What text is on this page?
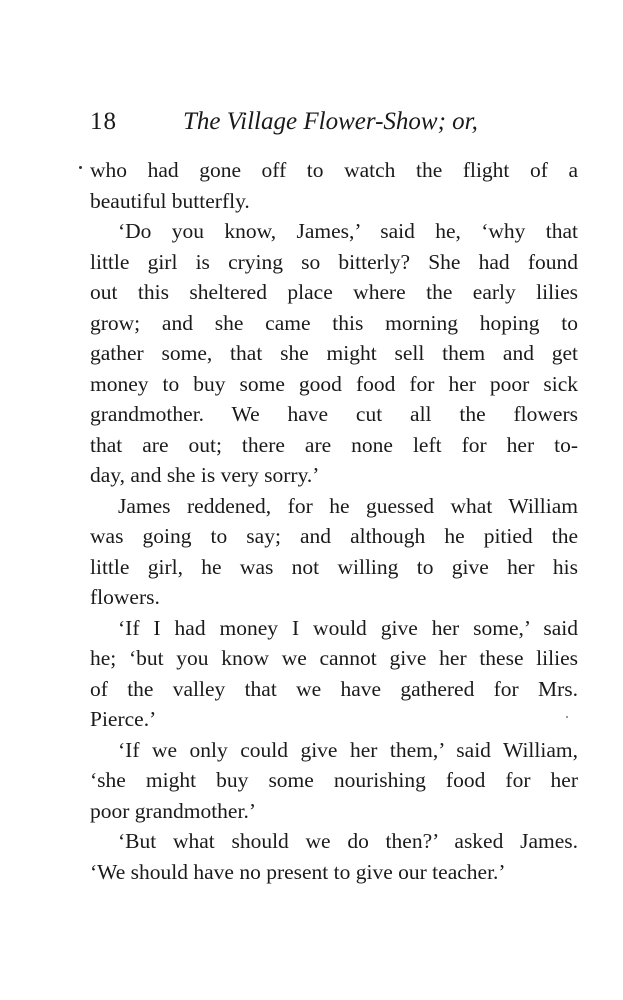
18	The Village Flower-Show; or,
who had gone off to watch the flight of a
beautiful butterfly.
‘Do you know, James,’ said he, ‘why that
little girl is crying so bitterly? She had found
out this sheltered place where the early lilies
grow; and she came this morning hoping to
gather some, that she might sell them and get
money to buy some good food for her poor sick
grandmother. We have cut all the flowers
that are out; there are none left for her to-
day, and she is very sorry.’
James reddened, for he guessed what William
was going to say; and although he pitied the
little girl, he was not willing to give her his
flowers.
‘If I had money I would give her some,’ said
he; ‘but you know we cannot give her these lilies
of the valley that we have gathered for Mrs.
Pierce.’
‘If we only could give her them,’ said William,
‘she might buy some nourishing food for her
poor grandmother.’
‘But what should we do then?’ asked James.
‘We should have no present to give our teacher.’
